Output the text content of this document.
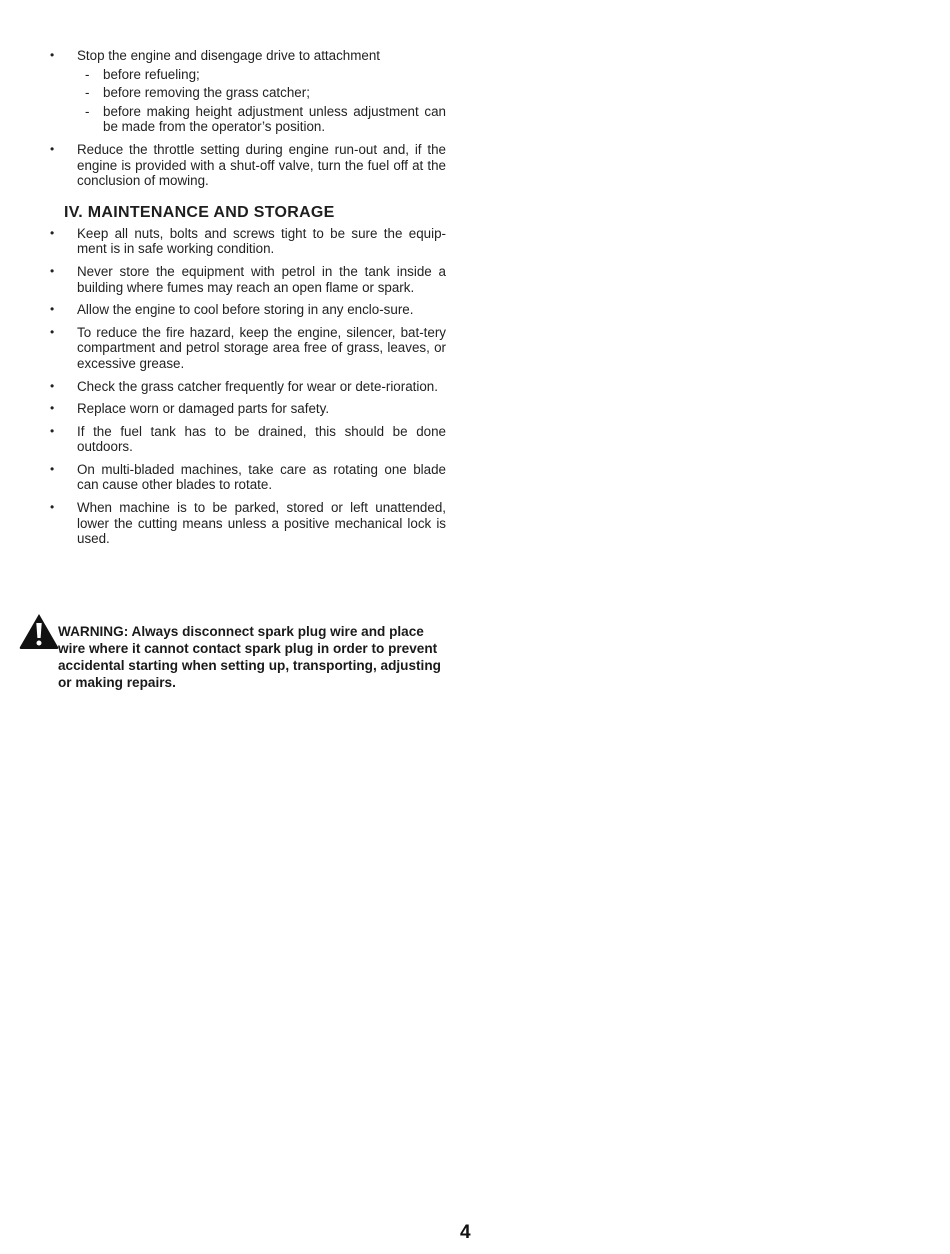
• Stop the engine and disengage drive to attachment
- before refueling;
- before removing the grass catcher;
- before making height adjustment unless adjustment can be made from the operator’s position.
• Reduce the throttle setting during engine run-out and, if the engine is provided with a shut-off valve, turn the fuel off at the conclusion of mowing.
IV. MAINTENANCE AND STORAGE
• Keep all nuts, bolts and screws tight to be sure the equip-ment is in safe working condition.
• Never store the equipment with petrol in the tank inside a building where fumes may reach an open flame or spark.
• Allow the engine to cool before storing in any enclo-sure.
• To reduce the fire hazard, keep the engine, silencer, bat-tery compartment and petrol storage area free of grass, leaves, or excessive grease.
• Check the grass catcher frequently for wear or dete-rioration.
• Replace worn or damaged parts for safety.
• If the fuel tank has to be drained, this should be done outdoors.
• On multi-bladed machines, take care as rotating one blade can cause other blades to rotate.
• When machine is to be parked, stored or left unattended, lower the cutting means unless a positive mechanical lock is used.
WARNING: Always disconnect spark plug wire and place wire where it cannot contact spark plug in order to prevent accidental starting when setting up, transporting, adjusting or making repairs.
4
